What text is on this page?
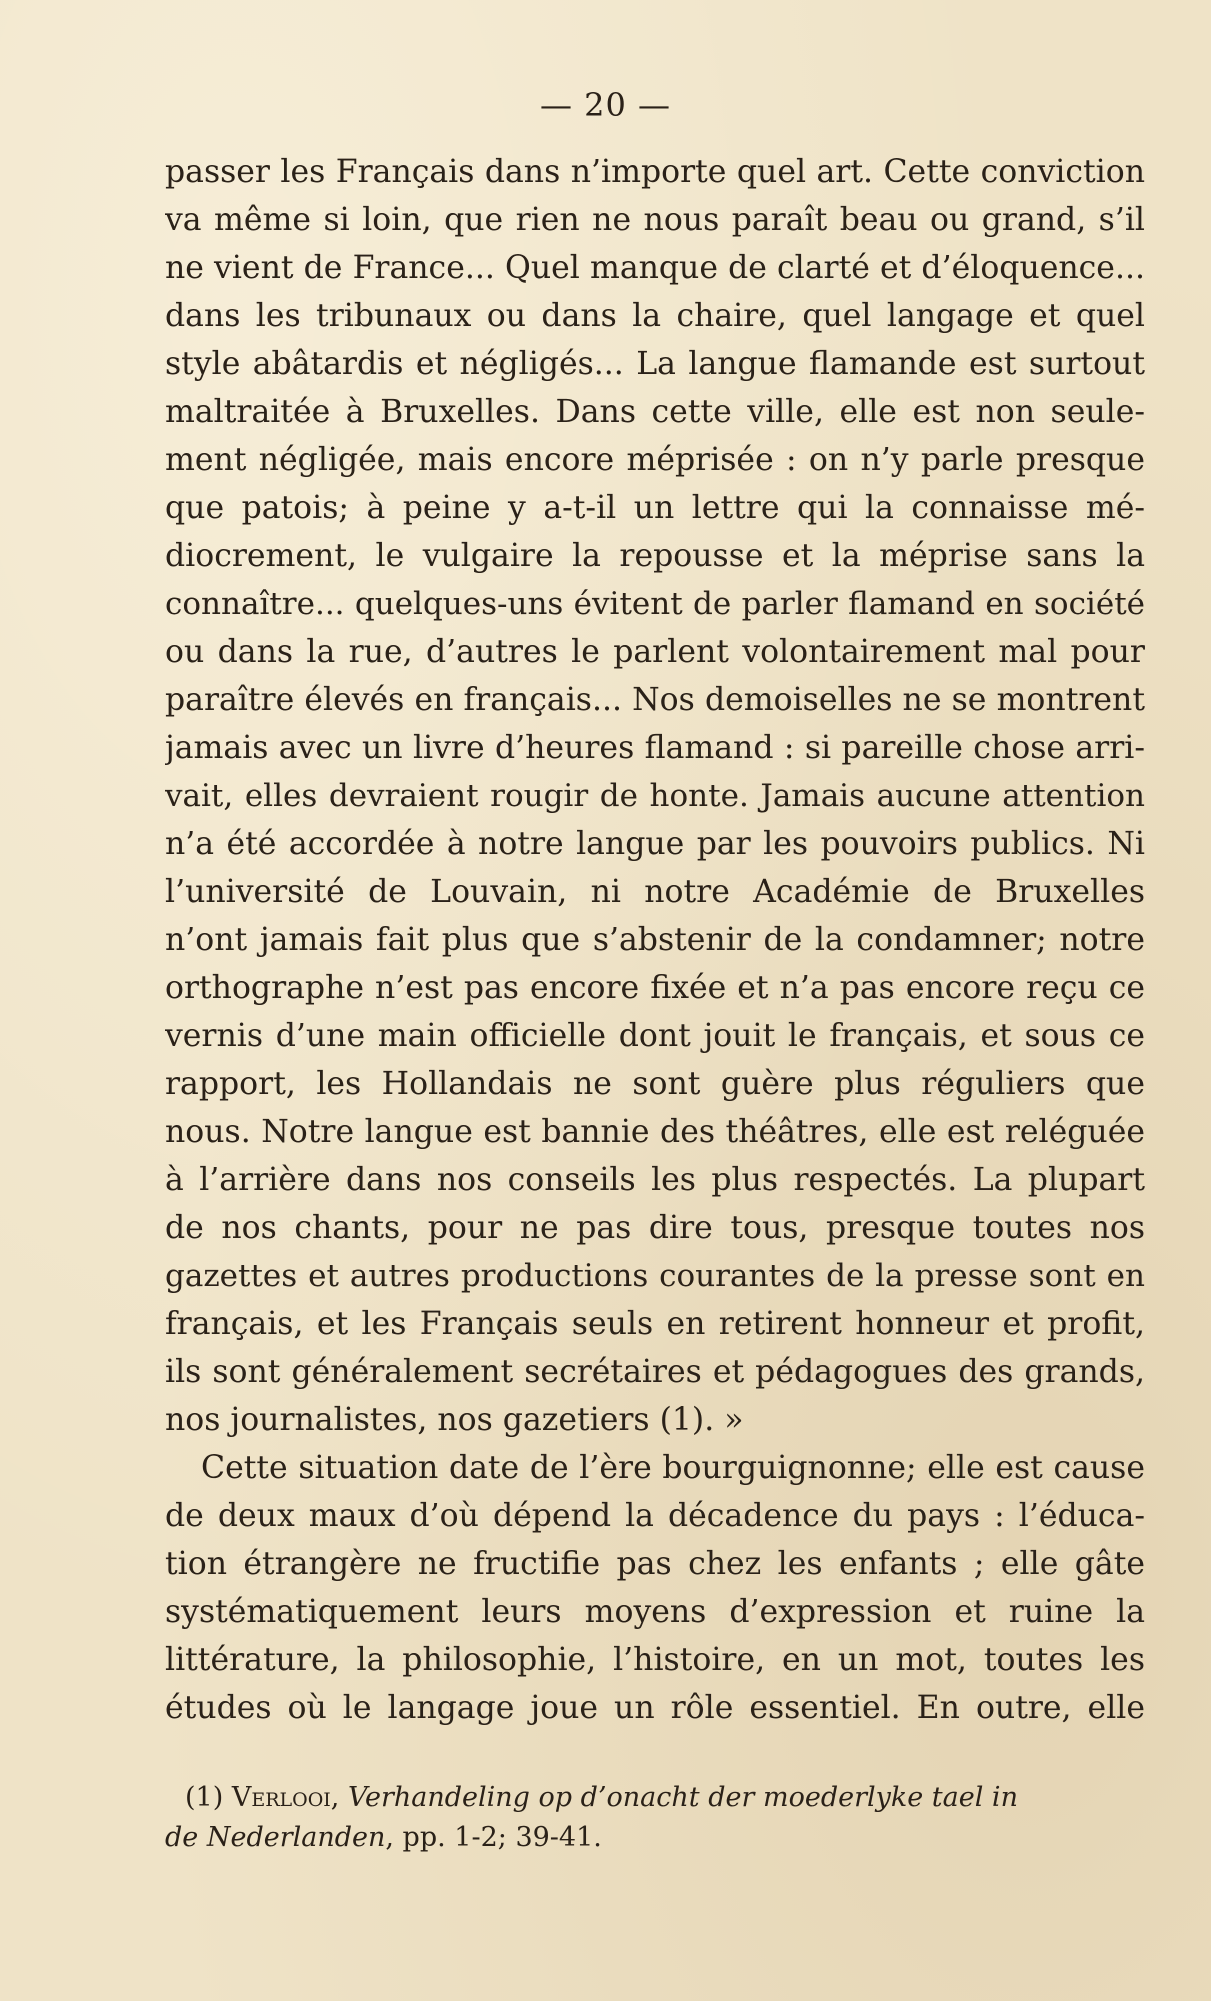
— 20 —
passer les Français dans n’importe quel art. Cette conviction
va même si loin, que rien ne nous paraît beau ou grand, s’il
ne vient de France... Quel manque de clarté et d’éloquence...
dans les tribunaux ou dans la chaire, quel langage et quel
style abâtardis et négligés... La langue flamande est surtout
maltraitée à Bruxelles. Dans cette ville, elle est non seule-
ment négligée, mais encore méprisée : on n’y parle presque
que patois; à peine y a-t-il un lettre qui la connaisse mé-
diocrement, le vulgaire la repousse et la méprise sans la
connaître... quelques-uns évitent de parler flamand en société
ou dans la rue, d’autres le parlent volontairement mal pour
paraître élevés en français... Nos demoiselles ne se montrent
jamais avec un livre d’heures flamand : si pareille chose arri-
vait, elles devraient rougir de honte. Jamais aucune attention
n’a été accordée à notre langue par les pouvoirs publics. Ni
l’université de Louvain, ni notre Académie de Bruxelles
n’ont jamais fait plus que s’abstenir de la condamner; notre
orthographe n’est pas encore fixée et n’a pas encore reçu ce
vernis d’une main officielle dont jouit le français, et sous ce
rapport, les Hollandais ne sont guère plus réguliers que
nous. Notre langue est bannie des théâtres, elle est reléguée
à l’arrière dans nos conseils les plus respectés. La plupart
de nos chants, pour ne pas dire tous, presque toutes nos
gazettes et autres productions courantes de la presse sont en
français, et les Français seuls en retirent honneur et profit,
ils sont généralement secrétaires et pédagogues des grands,
nos journalistes, nos gazetiers (1). »
Cette situation date de l’ère bourguignonne; elle est cause
de deux maux d’où dépend la décadence du pays : l’éduca-
tion étrangère ne fructifie pas chez les enfants ; elle gâte
systématiquement leurs moyens d’expression et ruine la
littérature, la philosophie, l’histoire, en un mot, toutes les
études où le langage joue un rôle essentiel. En outre, elle
(1) Verlooi, Verhandeling op d’onacht der moederlyke tael in
de Nederlanden, pp. 1-2; 39-41.
